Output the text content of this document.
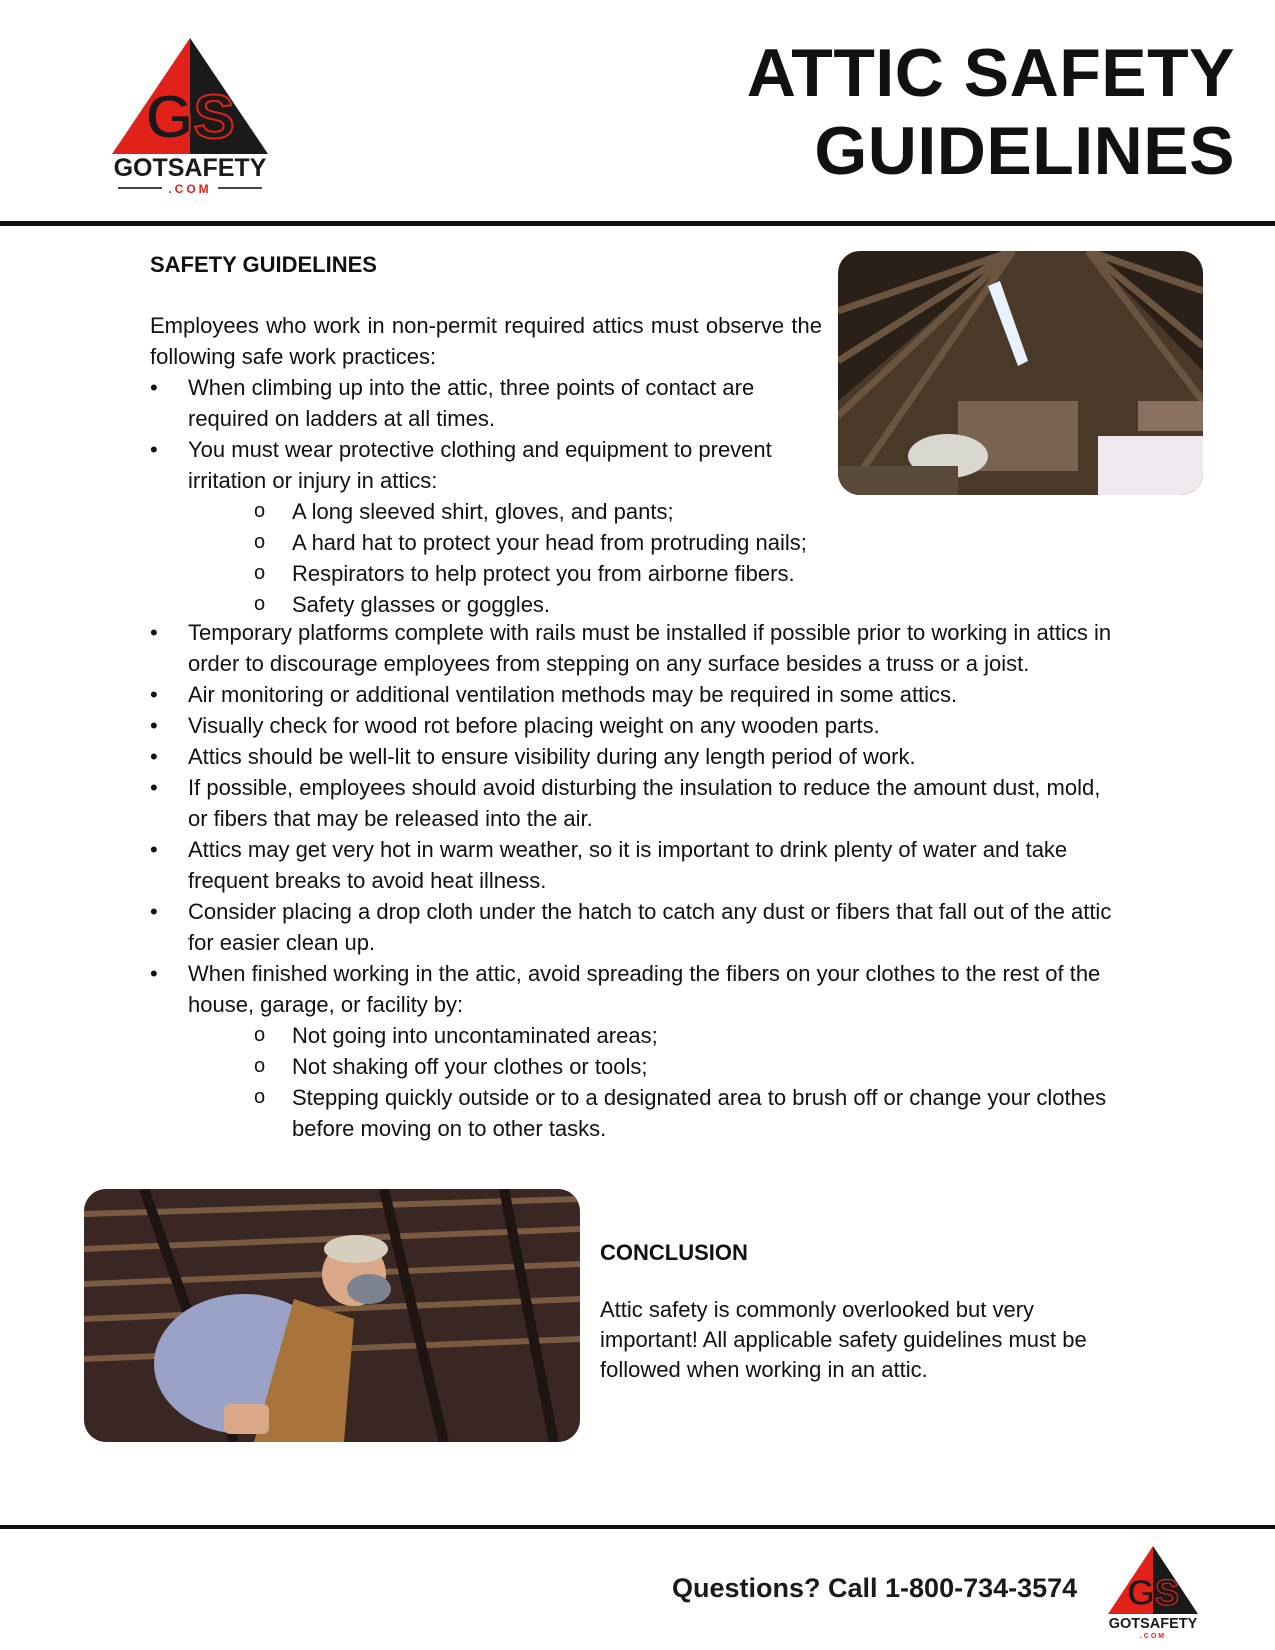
GS
GOTSAFETY
.COM
ATTIC SAFETY
GUIDELINES
SAFETY GUIDELINES
Employees who work in non-permit required attics must observe the following safe work practices:
•	When climbing up into the attic, three points of contact are required on ladders at all times.
•	You must wear protective clothing and equipment to prevent irritation or injury in attics:
o A long sleeved shirt, gloves, and pants;
o A hard hat to protect your head from protruding nails;
o Respirators to help protect you from airborne fibers.
o Safety glasses or goggles.
•	Temporary platforms complete with rails must be installed if possible prior to working in attics in order to discourage employees from stepping on any surface besides a truss or a joist.
•	Air monitoring or additional ventilation methods may be required in some attics.
•	Visually check for wood rot before placing weight on any wooden parts.
•	Attics should be well-lit to ensure visibility during any length period of work.
•	If possible, employees should avoid disturbing the insulation to reduce the amount dust, mold, or fibers that may be released into the air.
•	Attics may get very hot in warm weather, so it is important to drink plenty of water and take frequent breaks to avoid heat illness.
•	Consider placing a drop cloth under the hatch to catch any dust or fibers that fall out of the attic for easier clean up.
•	When finished working in the attic, avoid spreading the fibers on your clothes to the rest of the house, garage, or facility by:
o Not going into uncontaminated areas;
o Not shaking off your clothes or tools;
o Stepping quickly outside or to a designated area to brush off or change your clothes before moving on to other tasks.
CONCLUSION
Attic safety is commonly overlooked but very important! All applicable safety guidelines must be followed when working in an attic.
Questions? Call 1-800-734-3574 GS
GOTSAFETY
.COM
